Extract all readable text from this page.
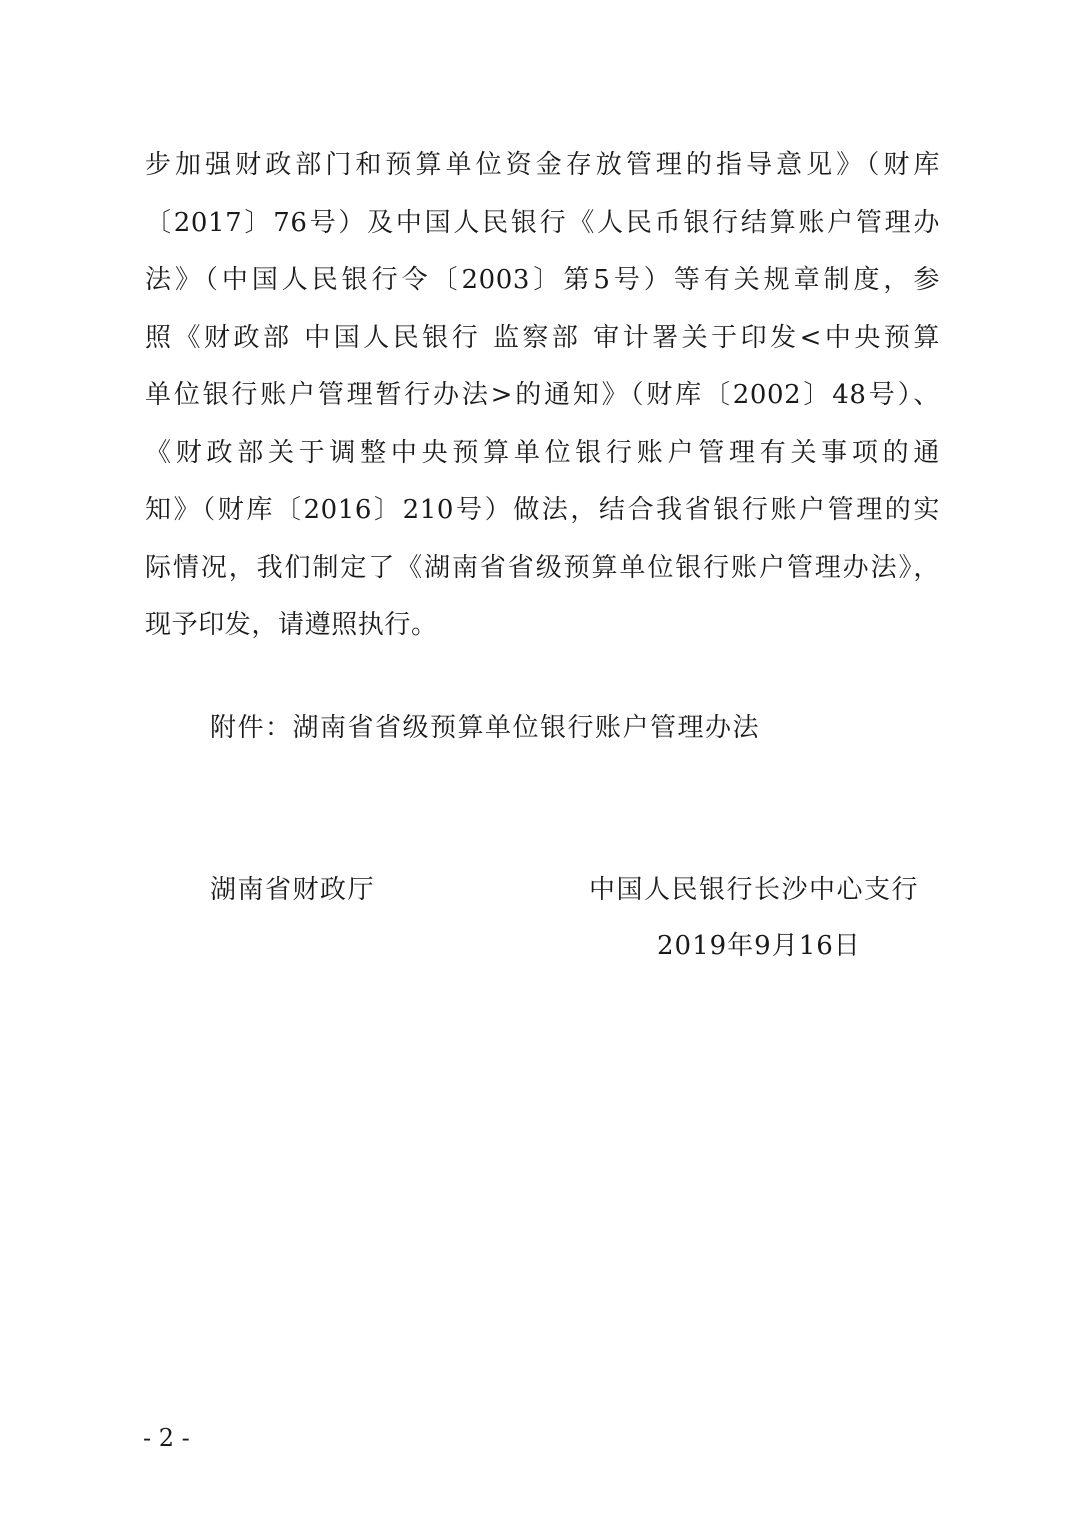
步加强财政部门和预算单位资金存放管理的指导意见》（财库
〔2017〕76号）及中国人民银行《人民币银行结算账户管理办
法》（中国人民银行令〔2003〕第5号）等有关规章制度，参
照《财政部 中国人民银行 监察部 审计署关于印发<中央预算
单位银行账户管理暂行办法>的通知》（财库〔2002〕48号）、
《财政部关于调整中央预算单位银行账户管理有关事项的通
知》（财库〔2016〕210号）做法，结合我省银行账户管理的实
际情况，我们制定了《湖南省省级预算单位银行账户管理办法》，
现予印发，请遵照执行。

附件：湖南省省级预算单位银行账户管理办法

湖南省财政厅	中国人民银行长沙中心支行

2019年9月16日

- 2 -
